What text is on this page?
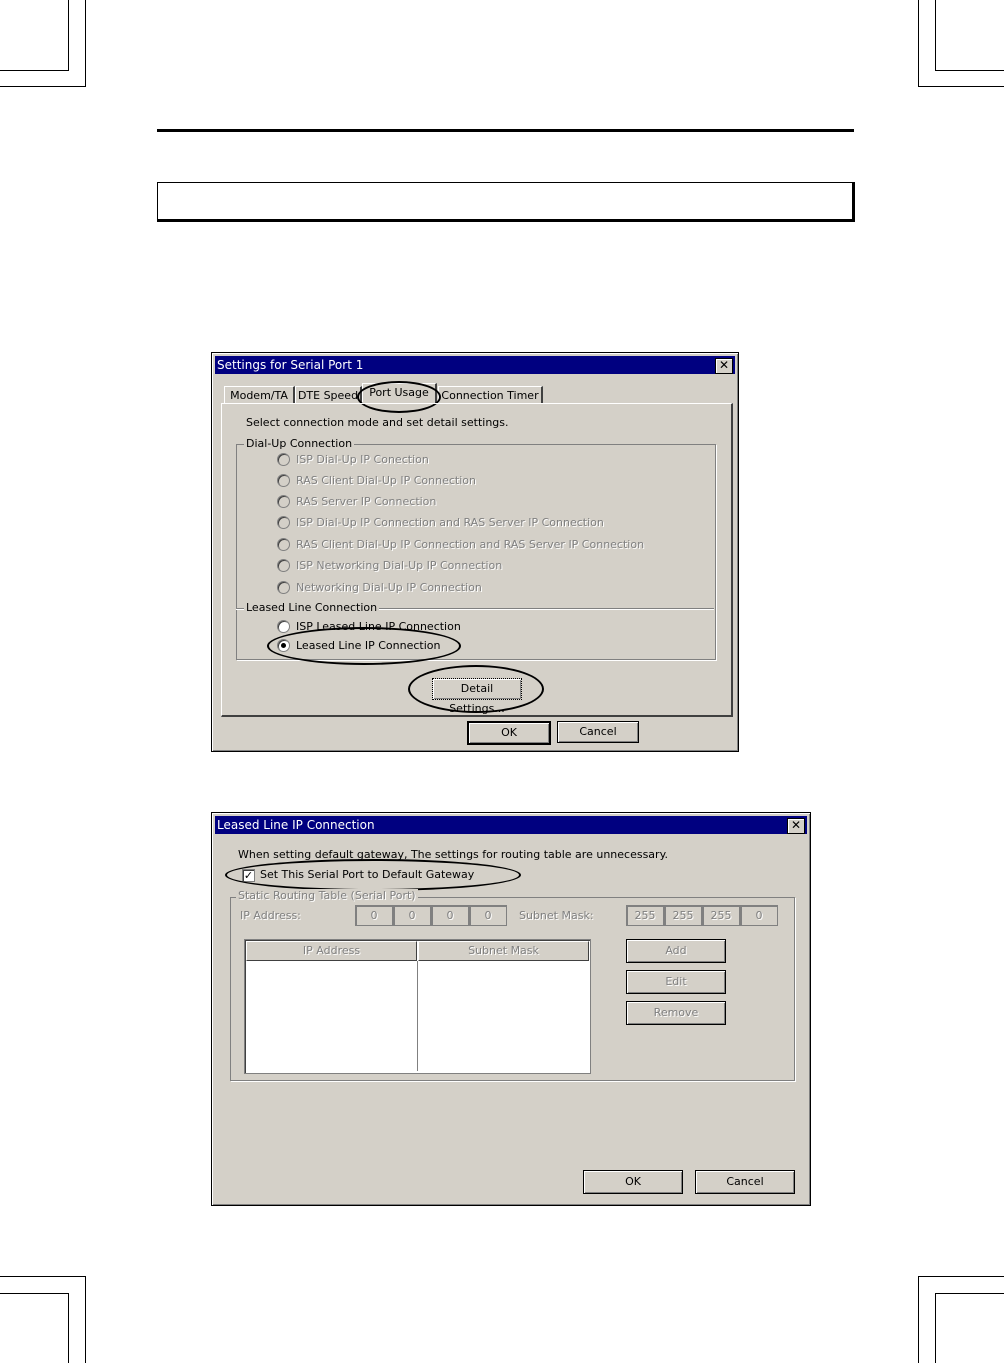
Settings for Serial Port 1	✕
Modem/TA DTE Speed	Port Usage	Connection Timer
Select connection mode and set detail settings.
Dial-Up Connection
ISP Dial-Up IP Conection
RAS Client Dial-Up IP Connection
RAS Server IP Connection
ISP Dial-Up IP Connection and RAS Server IP Connection
RAS Client Dial-Up IP Connection and RAS Server IP Connection
ISP Networking Dial-Up IP Connection
Networking Dial-Up IP Connection
Leased Line Connection
ISP Leased Line IP Connection
Leased Line IP Connection
Detail Settings...
OK	Cancel
Leased Line IP Connection	✕
When setting default gateway, The settings for routing table are unnecessary.
✓ Set This Serial Port to Default Gateway
Static Routing Table (Serial Port)
IP Address:	0	0	0	0	Subnet Mask:	255	255	255	0
IP Address	Subnet Mask	Add
Edit
Remove
OK	Cancel
